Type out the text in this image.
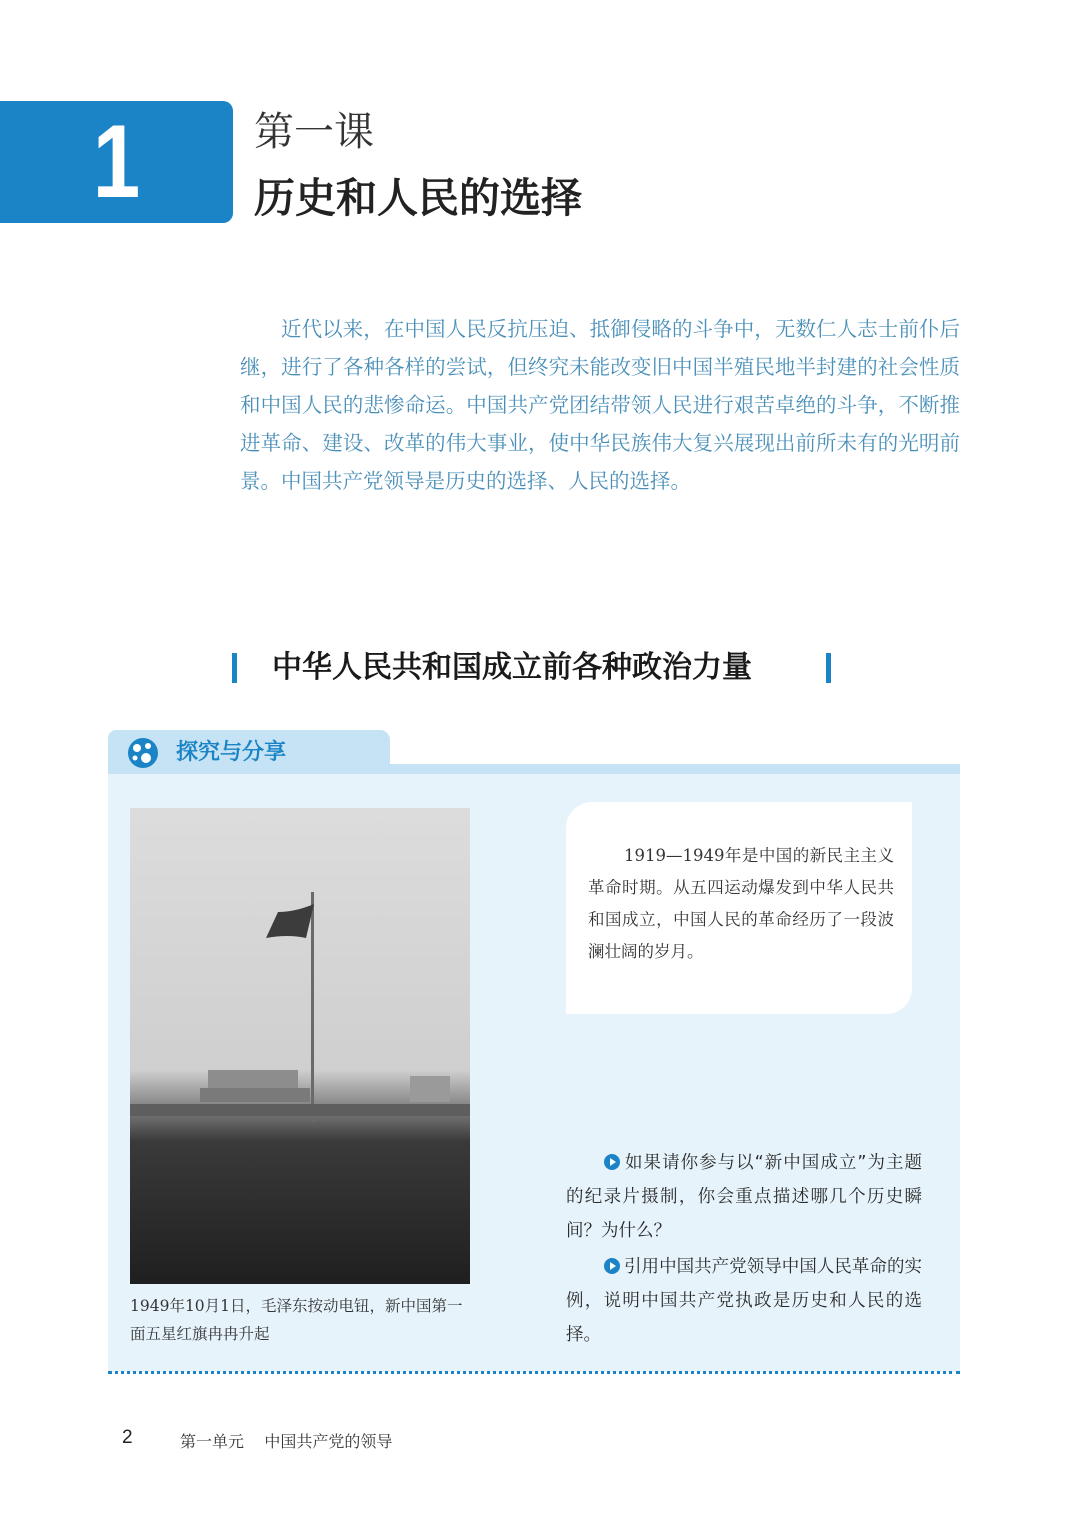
1	第一课
历史和人民的选择

近代以来，在中国人民反抗压迫、抵御侵略的斗争中，无数仁人志士前仆后继，进行了各种各样的尝试，但终究未能改变旧中国半殖民地半封建的社会性质和中国人民的悲惨命运。中国共产党团结带领人民进行艰苦卓绝的斗争，不断推进革命、建设、改革的伟大事业，使中华民族伟大复兴展现出前所未有的光明前景。中国共产党领导是历史的选择、人民的选择。

中华人民共和国成立前各种政治力量
探究与分享

1949年10月1日，毛泽东按动电钮，新中国第一面五星红旗冉冉升起

1919—1949年是中国的新民主主义革命时期。从五四运动爆发到中华人民共和国成立，中国人民的革命经历了一段波澜壮阔的岁月。

如果请你参与以“新中国成立”为主题的纪录片摄制，你会重点描述哪几个历史瞬间？为什么？

引用中国共产党领导中国人民革命的实例，说明中国共产党执政是历史和人民的选择。

2	第一单元    中国共产党的领导
